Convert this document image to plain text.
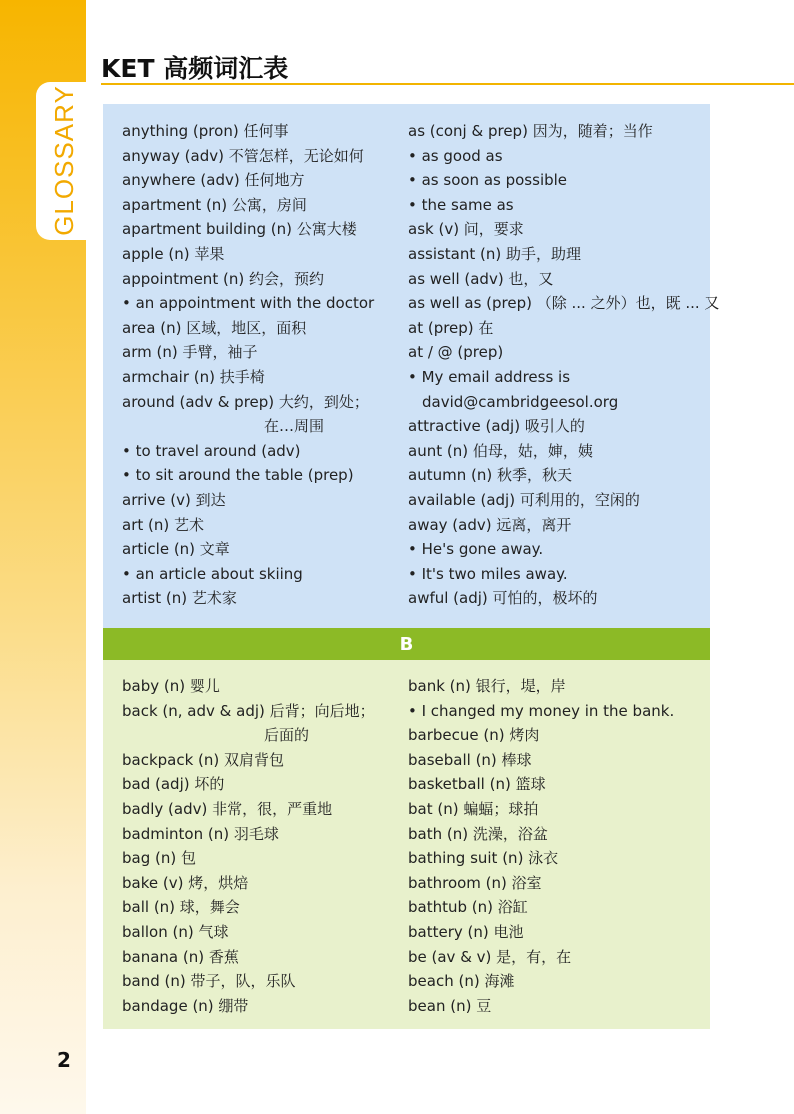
GLOSSARY
KET 高频词汇表
B
anything (pron) 任何事
anyway (adv) 不管怎样，无论如何
anywhere (adv) 任何地方
apartment (n) 公寓，房间
apartment building (n) 公寓大楼
apple (n) 苹果
appointment (n) 约会，预约
• an appointment with the doctor
area (n) 区域，地区，面积
arm (n) 手臂，袖子
armchair (n) 扶手椅
around (adv & prep) 大约，到处；
在…周围
• to travel around (adv)
• to sit around the table (prep)
arrive (v) 到达
art (n) 艺术
article (n) 文章
• an article about skiing
artist (n) 艺术家
as (conj & prep) 因为，随着；当作
• as good as
• as soon as possible
• the same as
ask (v) 问，要求
assistant (n) 助手，助理
as well (adv) 也，又
as well as (prep) （除 ... 之外）也，既 ... 又
at (prep) 在
at / @ (prep)
• My email address is
david@cambridgeesol.org
attractive (adj) 吸引人的
aunt (n) 伯母，姑，婶，姨
autumn (n) 秋季，秋天
available (adj) 可利用的，空闲的
away (adv) 远离，离开
• He's gone away.
• It's two miles away.
awful (adj) 可怕的，极坏的
baby (n) 婴儿
back (n, adv & adj) 后背；向后地；
后面的
backpack (n) 双肩背包
bad (adj) 坏的
badly (adv) 非常，很，严重地
badminton (n) 羽毛球
bag (n) 包
bake (v) 烤，烘焙
ball (n) 球，舞会
ballon (n) 气球
banana (n) 香蕉
band (n) 带子，队，乐队
bandage (n) 绷带
bank (n) 银行，堤，岸
• I changed my money in the bank.
barbecue (n) 烤肉
baseball (n) 棒球
basketball (n) 篮球
bat (n) 蝙蝠；球拍
bath (n) 洗澡，浴盆
bathing suit (n) 泳衣
bathroom (n) 浴室
bathtub (n) 浴缸
battery (n) 电池
be (av & v) 是，有，在
beach (n) 海滩
bean (n) 豆
2
